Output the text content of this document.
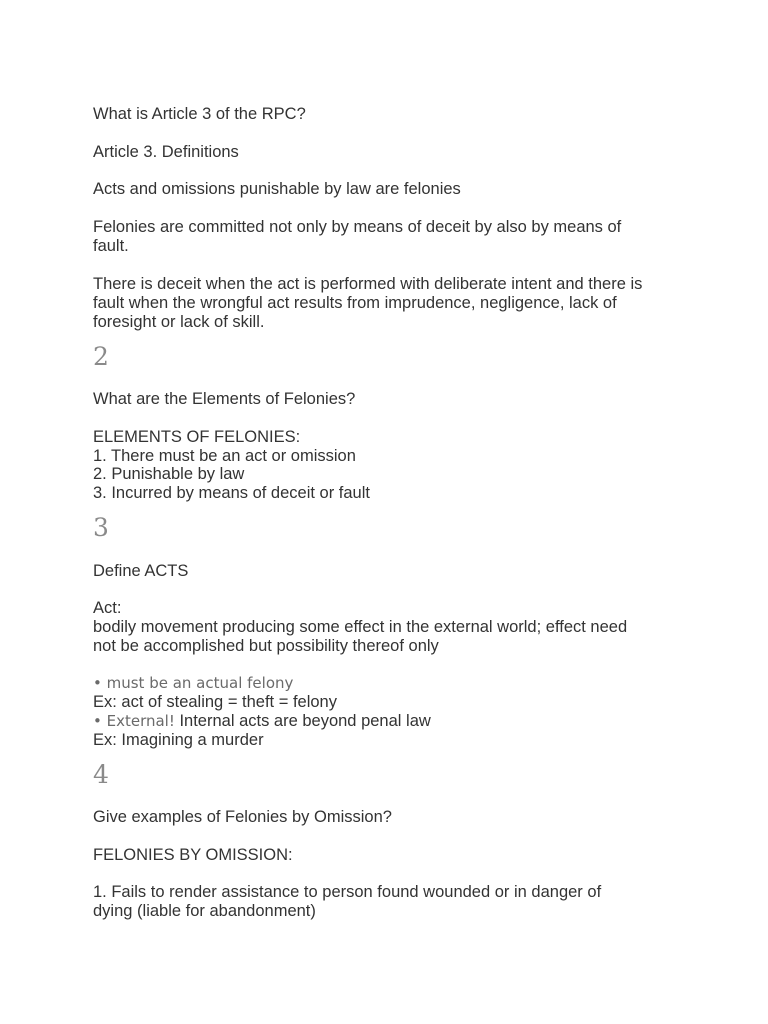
What is Article 3 of the RPC?
Article 3. Definitions
Acts and omissions punishable by law are felonies
Felonies are committed not only by means of deceit by also by means of
fault.
There is deceit when the act is performed with deliberate intent and there is
fault when the wrongful act results from imprudence, negligence, lack of
foresight or lack of skill.
2
What are the Elements of Felonies?
ELEMENTS OF FELONIES:
1. There must be an act or omission
2. Punishable by law
3. Incurred by means of deceit or fault
3
Define ACTS
Act:
bodily movement producing some effect in the external world; effect need
not be accomplished but possibility thereof only
• must be an actual felony
Ex: act of stealing = theft = felony
• External! Internal acts are beyond penal law
Ex: Imagining a murder
4
Give examples of Felonies by Omission?
FELONIES BY OMISSION:
1. Fails to render assistance to person found wounded or in danger of
dying (liable for abandonment)
